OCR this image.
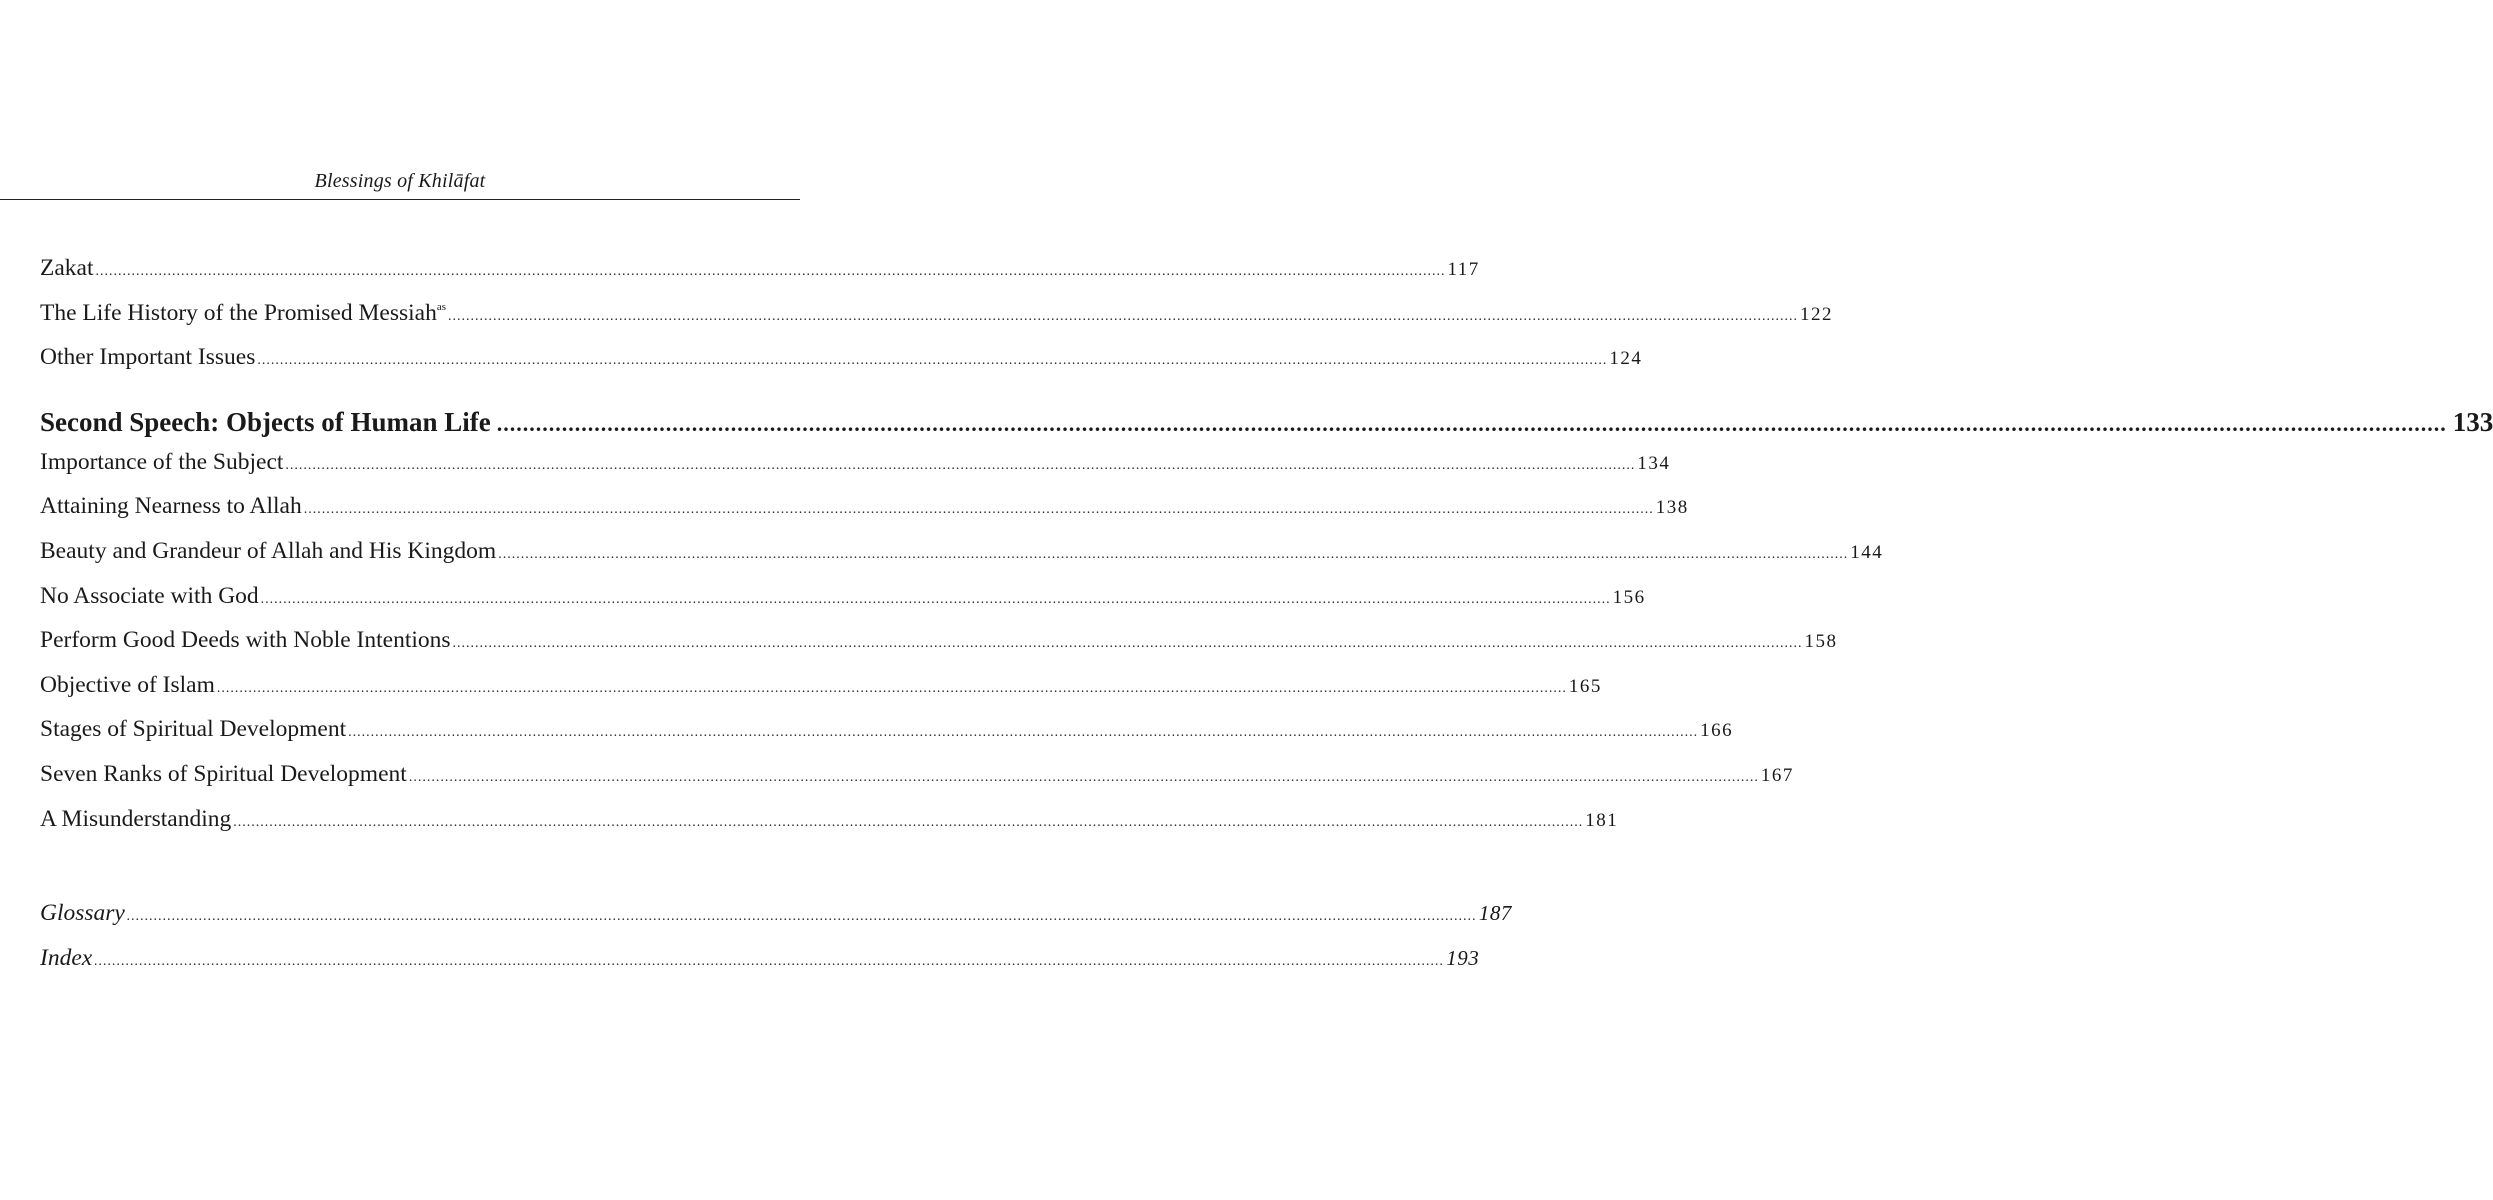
Blessings of Khilāfat
Zakat ............................................................................................................................................................................................................................................................................................................ 117
The Life History of the Promised Messiah$^{as}$
............................................................................................................................................................................................................................................................................................................ 122
Other Important Issues ............................................................................................................................................................................................................................................................................................................ 124
Second Speech: Objects of Human Life ............................................................................................................................................................................................................................................................................................................ 133
Importance of the Subject ............................................................................................................................................................................................................................................................................................................ 134
Attaining Nearness to Allah ............................................................................................................................................................................................................................................................................................................ 138
Beauty and Grandeur of Allah and His Kingdom ............................................................................................................................................................................................................................................................................................................ 144
No Associate with God ............................................................................................................................................................................................................................................................................................................ 156
Perform Good Deeds with Noble Intentions ............................................................................................................................................................................................................................................................................................................ 158
Objective of Islam ............................................................................................................................................................................................................................................................................................................ 165
Stages of Spiritual Development ............................................................................................................................................................................................................................................................................................................ 166
Seven Ranks of Spiritual Development ............................................................................................................................................................................................................................................................................................................ 167
A Misunderstanding ............................................................................................................................................................................................................................................................................................................ 181
Glossary ............................................................................................................................................................................................................................................................................................................ 187
Index ............................................................................................................................................................................................................................................................................................................ 193
